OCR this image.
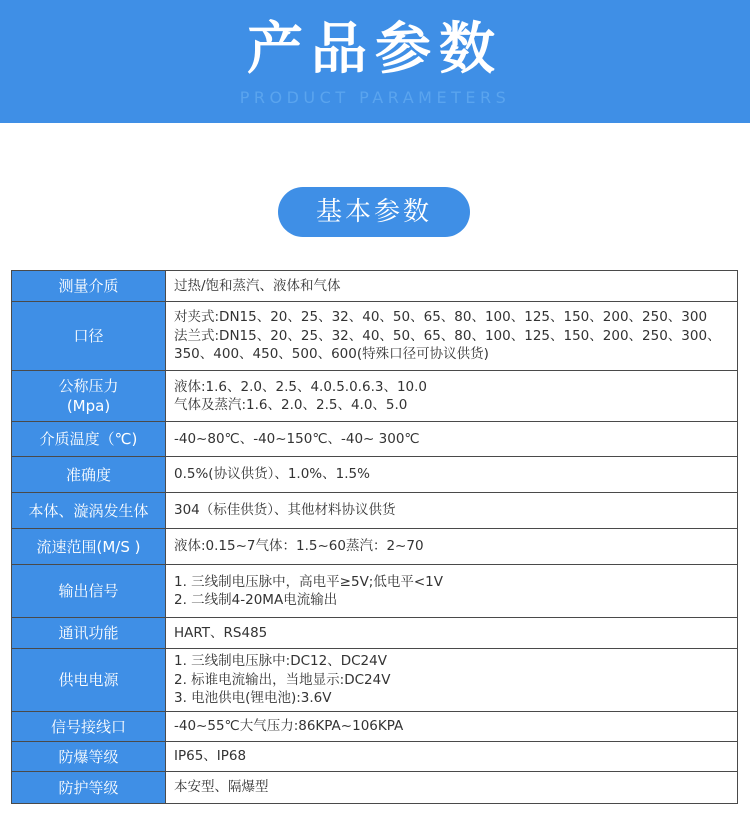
产品参数
PRODUCT PARAMETERS
基本参数
测量介质	过热/饱和蒸汽、液体和气体

口径	对夹式:DN15、20、25、32、40、50、65、80、100、125、150、200、250、300
法兰式:DN15、20、25、32、40、50、65、80、100、125、150、200、250、300、
350、400、450、500、600(特殊口径可协议供货)

公称压力
(Mpa)	液体:1.6、2.0、2.5、4.0.5.0.6.3、10.0
气体及蒸汽:1.6、2.0、2.5、4.0、5.0

介质温度（℃)	-40~80℃、-40~150℃、-40~ 300℃

准确度	0.5%(协议供货）、1.0%、1.5%

本体、漩涡发生体	304（标佳供货）、其他材料协议供货

流速范围(M/S )	液体:0.15~7气体：1.5~60蒸汽：2~70

输出信号	1. 三线制电压脉中，高电平≥5V;低电平<1V
2. 二线制4-20MA电流输出

通讯功能	HART、RS485

供电电源	1. 三线制电压脉中:DC12、DC24V
2. 标谁电流输出，当地显示:DC24V
3. 电池供电(锂电池):3.6V

信号接线口	-40~55℃大气压力:86KPA~106KPA

防爆等级	IP65、IP68

防护等级	本安型、隔爆型
